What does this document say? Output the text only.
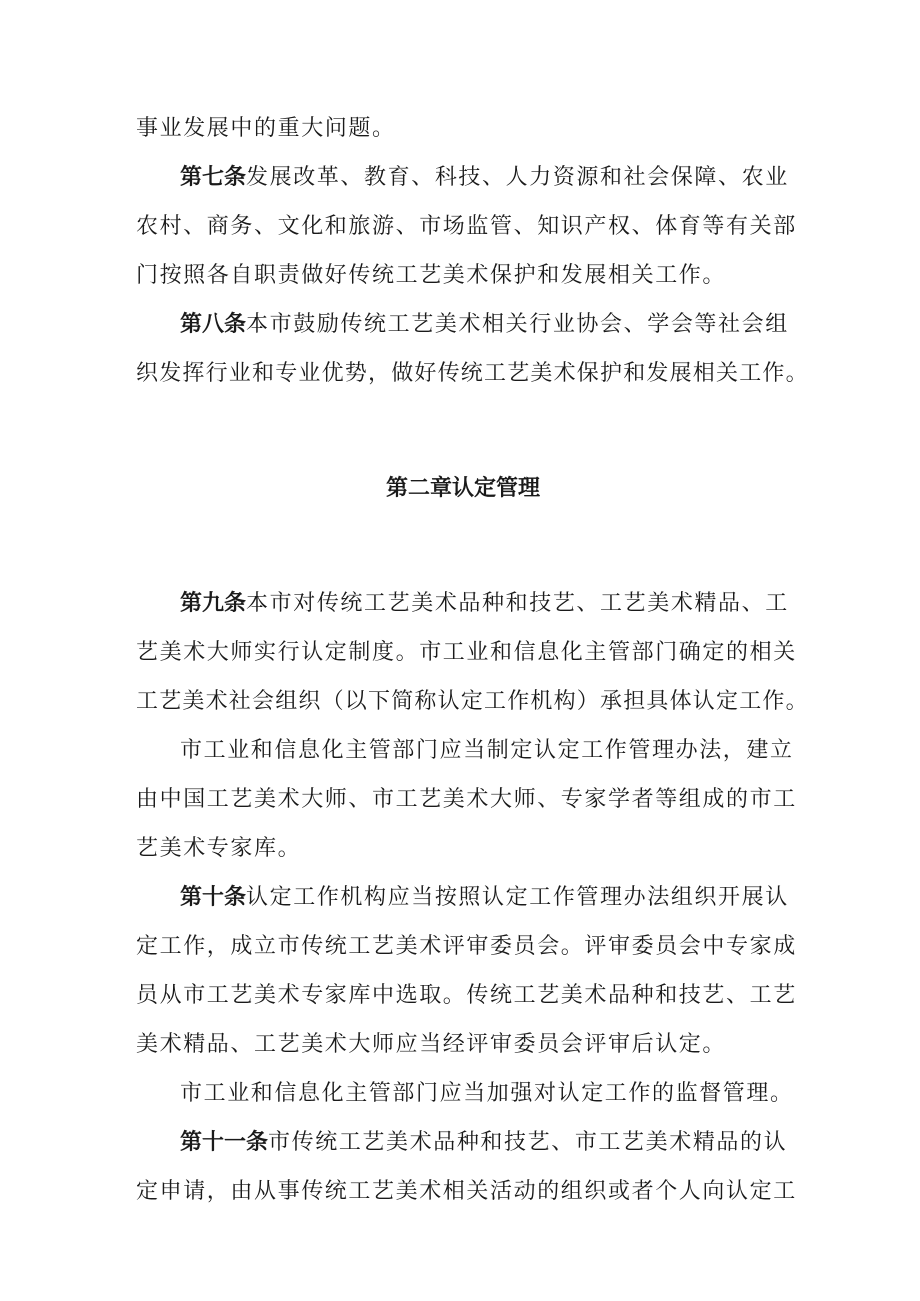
事业发展中的重大问题。
第七条发展改革、教育、科技、人力资源和社会保障、农业
农村、商务、文化和旅游、市场监管、知识产权、体育等有关部
门按照各自职责做好传统工艺美术保护和发展相关工作。
第八条本市鼓励传统工艺美术相关行业协会、学会等社会组
织发挥行业和专业优势，做好传统工艺美术保护和发展相关工作。
第二章认定管理
第九条本市对传统工艺美术品种和技艺、工艺美术精品、工
艺美术大师实行认定制度。市工业和信息化主管部门确定的相关
工艺美术社会组织（以下简称认定工作机构）承担具体认定工作。
市工业和信息化主管部门应当制定认定工作管理办法，建立
由中国工艺美术大师、市工艺美术大师、专家学者等组成的市工
艺美术专家库。
第十条认定工作机构应当按照认定工作管理办法组织开展认
定工作，成立市传统工艺美术评审委员会。评审委员会中专家成
员从市工艺美术专家库中选取。传统工艺美术品种和技艺、工艺
美术精品、工艺美术大师应当经评审委员会评审后认定。
市工业和信息化主管部门应当加强对认定工作的监督管理。
第十一条市传统工艺美术品种和技艺、市工艺美术精品的认
定申请，由从事传统工艺美术相关活动的组织或者个人向认定工
